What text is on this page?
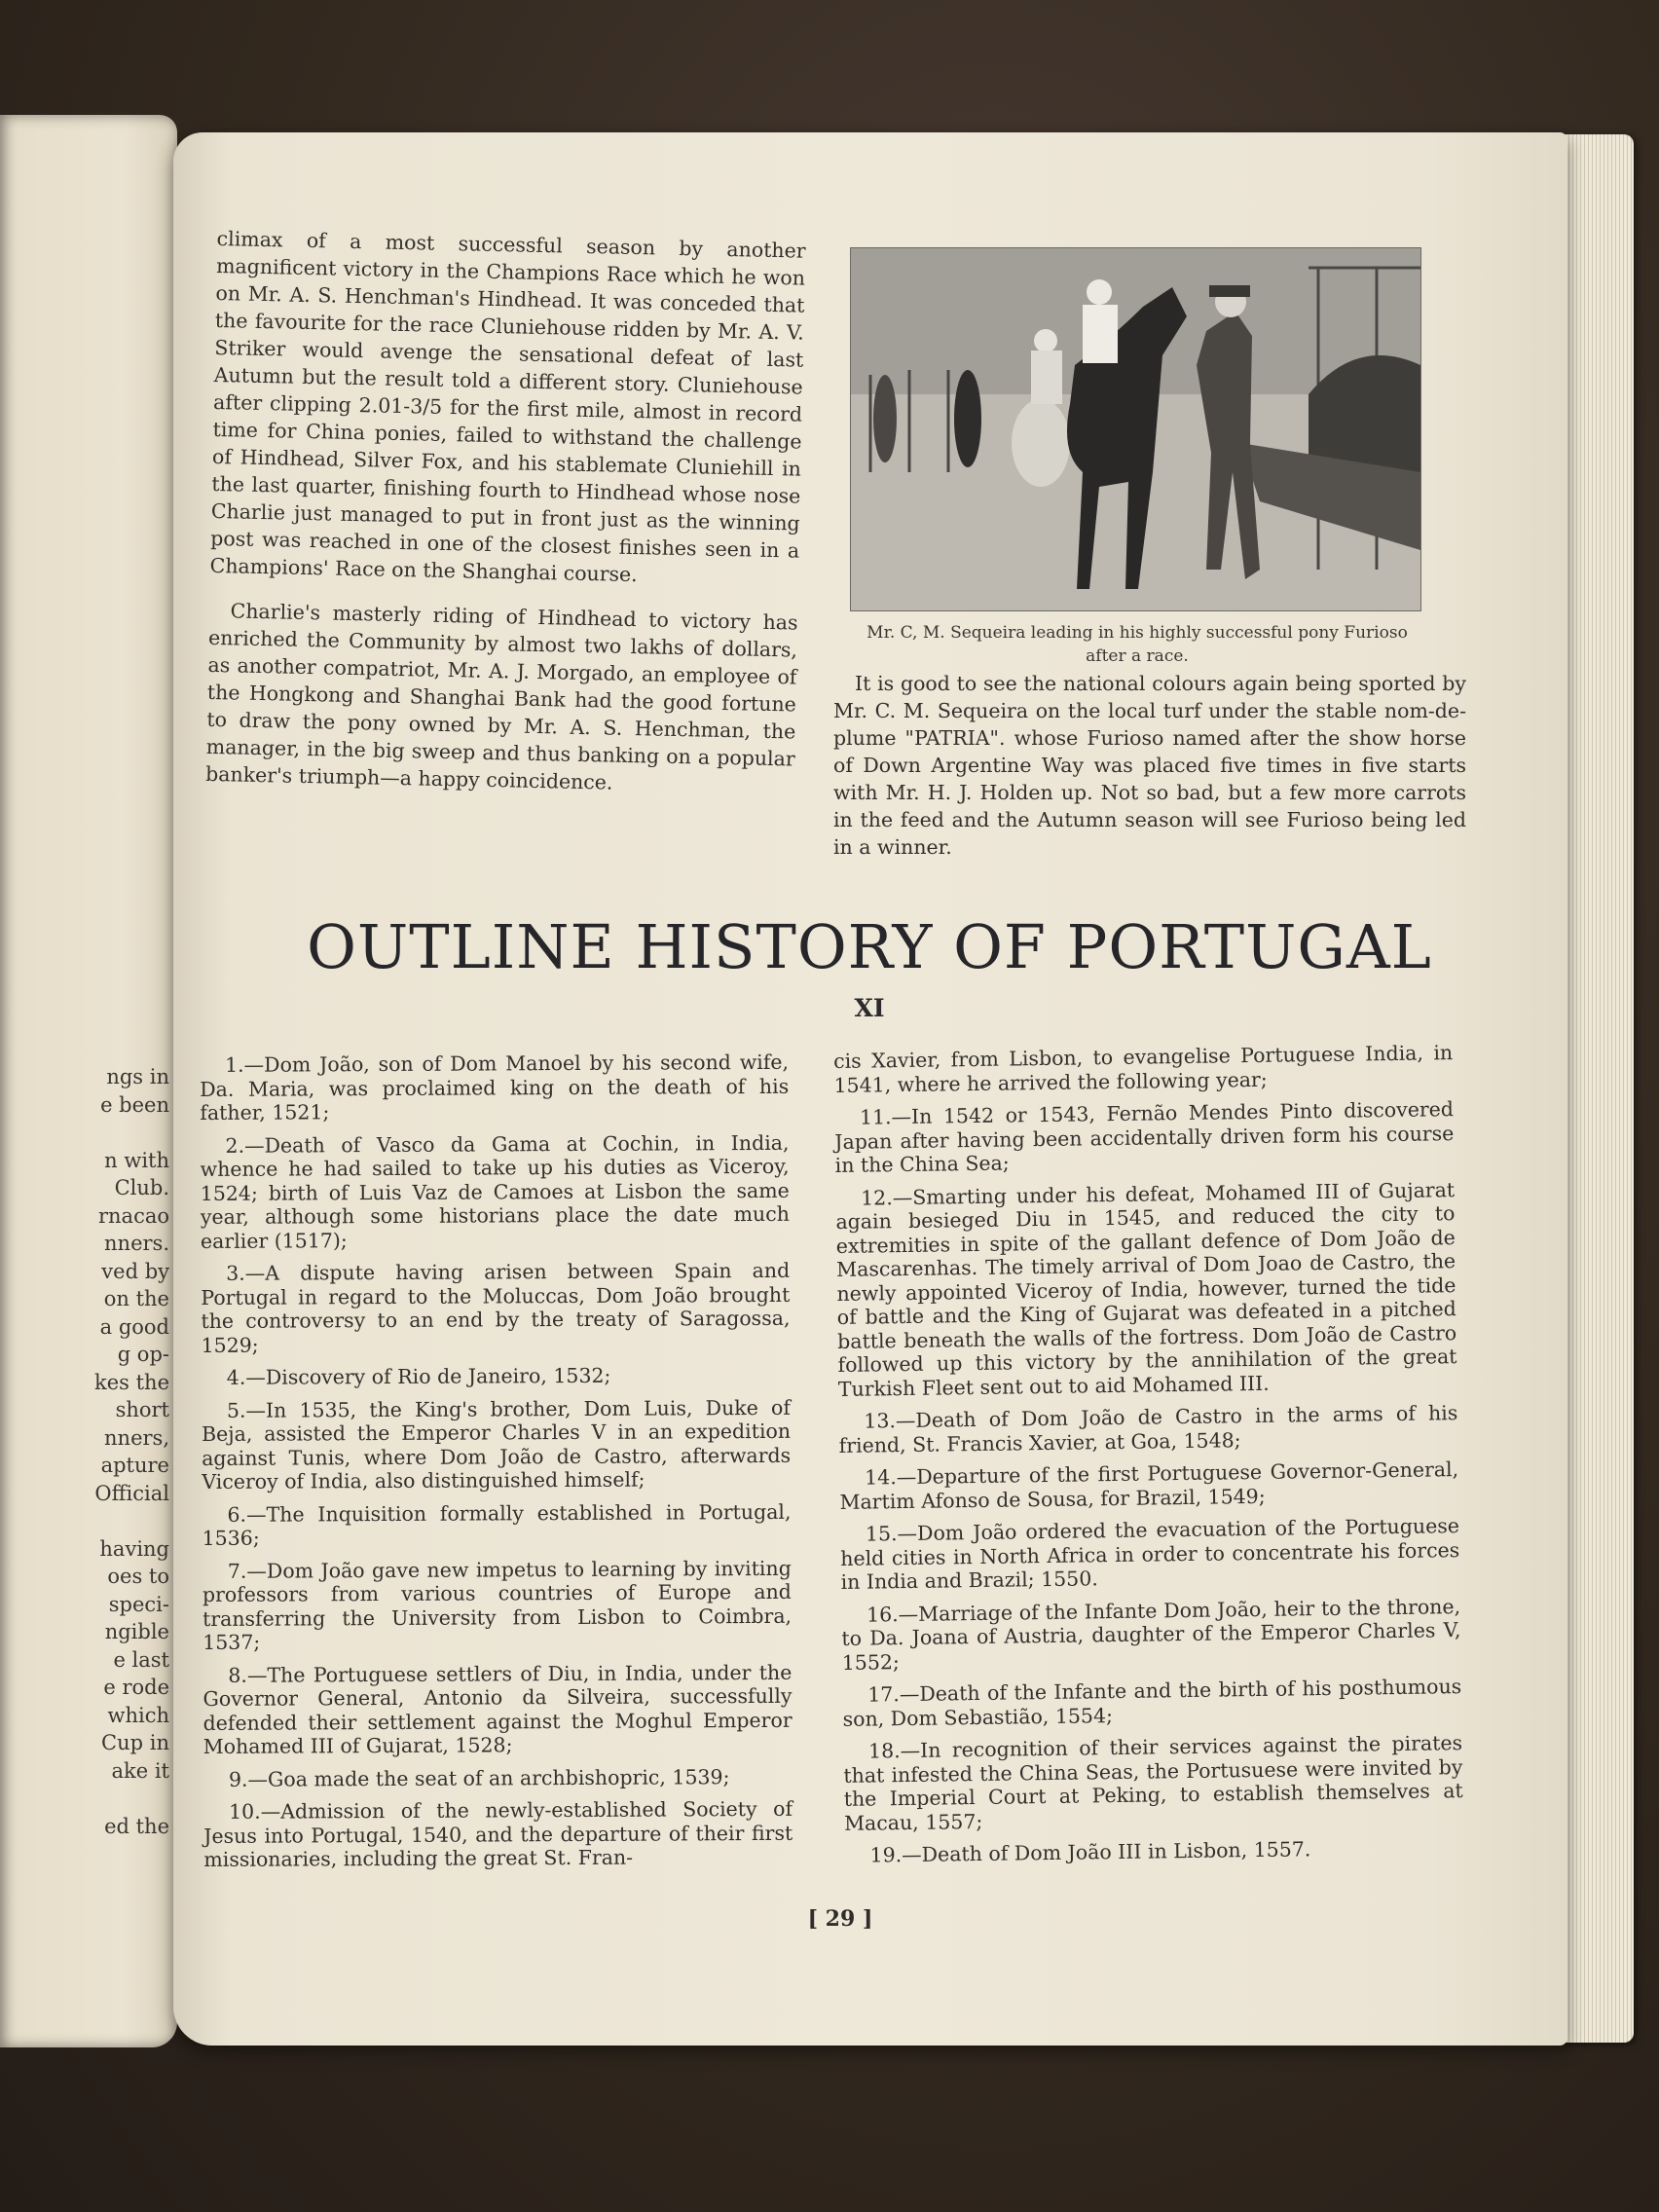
ngs in
e been
n with
Club.
rnacao
nners.
ved by
on the
a good
g op-
kes the
short
nners,
apture
Official
having
oes to
speci-
ngible
e last
e rode
which
Cup in
ake it
ed the

climax of a most successful season by another magnificent victory in the Champions Race which he won on Mr. A. S. Henchman's Hindhead. It was conceded that the favourite for the race Cluniehouse ridden by Mr. A. V. Striker would avenge the sensational defeat of last Autumn but the result told a different story. Cluniehouse after clipping 2.01-3/5 for the first mile, almost in record time for China ponies, failed to withstand the challenge of Hindhead, Silver Fox, and his stablemate Cluniehill in the last quarter, finishing fourth to Hindhead whose nose Charlie just managed to put in front just as the winning post was reached in one of the closest finishes seen in a Champions' Race on the Shanghai course.

Charlie's masterly riding of Hindhead to victory has enriched the Community by almost two lakhs of dollars, as another compatriot, Mr. A. J. Morgado, an employee of the Hongkong and Shanghai Bank had the good fortune to draw the pony owned by Mr. A. S. Henchman, the manager, in the big sweep and thus banking on a popular banker's triumph—a happy coincidence.

Mr. C, M. Sequeira leading in his highly successful pony Furioso after a race.

It is good to see the national colours again being sported by Mr. C. M. Sequeira on the local turf under the stable nom-de-plume "PATRIA". whose Furioso named after the show horse of Down Argentine Way was placed five times in five starts with Mr. H. J. Holden up. Not so bad, but a few more carrots in the feed and the Autumn season will see Furioso being led in a winner.

OUTLINE HISTORY OF PORTUGAL
XI

1.—Dom João, son of Dom Manoel by his second wife, Da. Maria, was proclaimed king on the death of his father, 1521;

2.—Death of Vasco da Gama at Cochin, in India, whence he had sailed to take up his duties as Viceroy, 1524; birth of Luis Vaz de Camoes at Lisbon the same year, although some historians place the date much earlier (1517);

3.—A dispute having arisen between Spain and Portugal in regard to the Moluccas, Dom João brought the controversy to an end by the treaty of Saragossa, 1529;

4.—Discovery of Rio de Janeiro, 1532;

5.—In 1535, the King's brother, Dom Luis, Duke of Beja, assisted the Emperor Charles V in an expedition against Tunis, where Dom João de Castro, afterwards Viceroy of India, also distinguished himself;

6.—The Inquisition formally established in Portugal, 1536;

7.—Dom João gave new impetus to learning by inviting professors from various countries of Europe and transferring the University from Lisbon to Coimbra, 1537;

8.—The Portuguese settlers of Diu, in India, under the Governor General, Antonio da Silveira, successfully defended their settlement against the Moghul Emperor Mohamed III of Gujarat, 1528;

9.—Goa made the seat of an archbishopric, 1539;

10.—Admission of the newly-established Society of Jesus into Portugal, 1540, and the departure of their first missionaries, including the great St. Fran-

cis Xavier, from Lisbon, to evangelise Portuguese India, in 1541, where he arrived the following year;

11.—In 1542 or 1543, Fernão Mendes Pinto discovered Japan after having been accidentally driven form his course in the China Sea;

12.—Smarting under his defeat, Mohamed III of Gujarat again besieged Diu in 1545, and reduced the city to extremities in spite of the gallant defence of Dom João de Mascarenhas. The timely arrival of Dom Joao de Castro, the newly appointed Viceroy of India, however, turned the tide of battle and the King of Gujarat was defeated in a pitched battle beneath the walls of the fortress. Dom João de Castro followed up this victory by the annihilation of the great Turkish Fleet sent out to aid Mohamed III.

13.—Death of Dom João de Castro in the arms of his friend, St. Francis Xavier, at Goa, 1548;

14.—Departure of the first Portuguese Governor-General, Martim Afonso de Sousa, for Brazil, 1549;

15.—Dom João ordered the evacuation of the Portuguese held cities in North Africa in order to concentrate his forces in India and Brazil; 1550.

16.—Marriage of the Infante Dom João, heir to the throne, to Da. Joana of Austria, daughter of the Emperor Charles V, 1552;

17.—Death of the Infante and the birth of his posthumous son, Dom Sebastião, 1554;

18.—In recognition of their services against the pirates that infested the China Seas, the Portusuese were invited by the Imperial Court at Peking, to establish themselves at Macau, 1557;

19.—Death of Dom João III in Lisbon, 1557.

[ 29 ]
